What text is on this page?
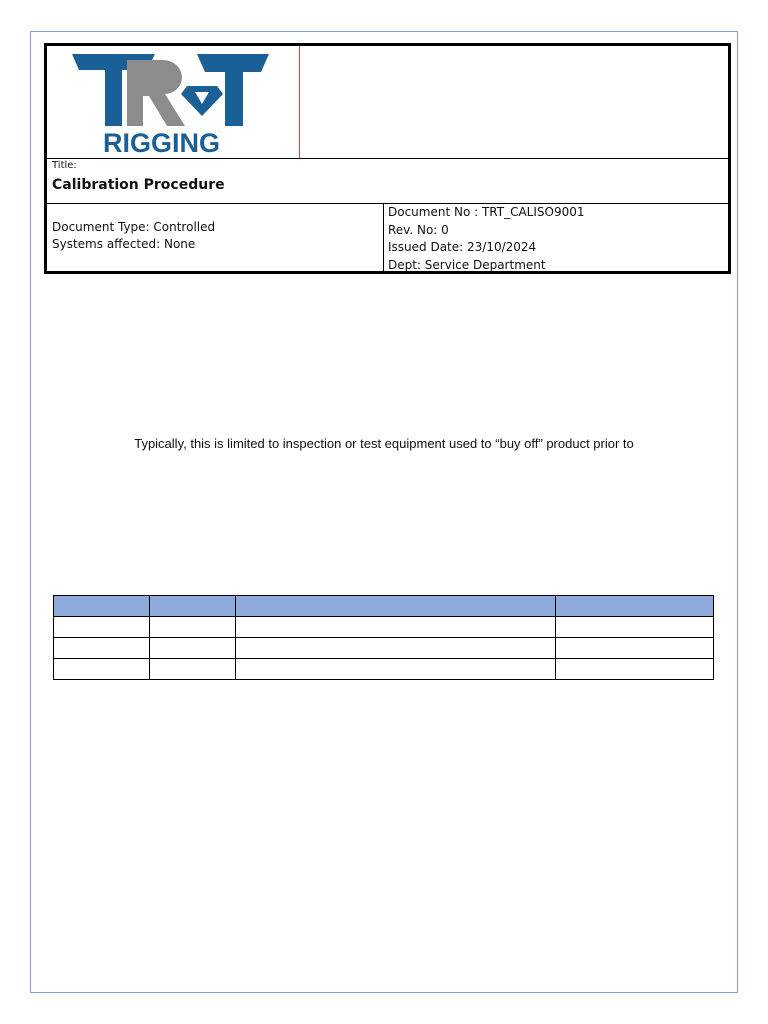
RIGGING
Title:
Calibration Procedure
Document Type: Controlled
Systems affected: None
Document No : TRT_CALISO9001
Rev. No: 0
Issued Date: 23/10/2024
Dept: Service Department
Typically, this is limited to inspection or test equipment used to “buy off” product prior to
